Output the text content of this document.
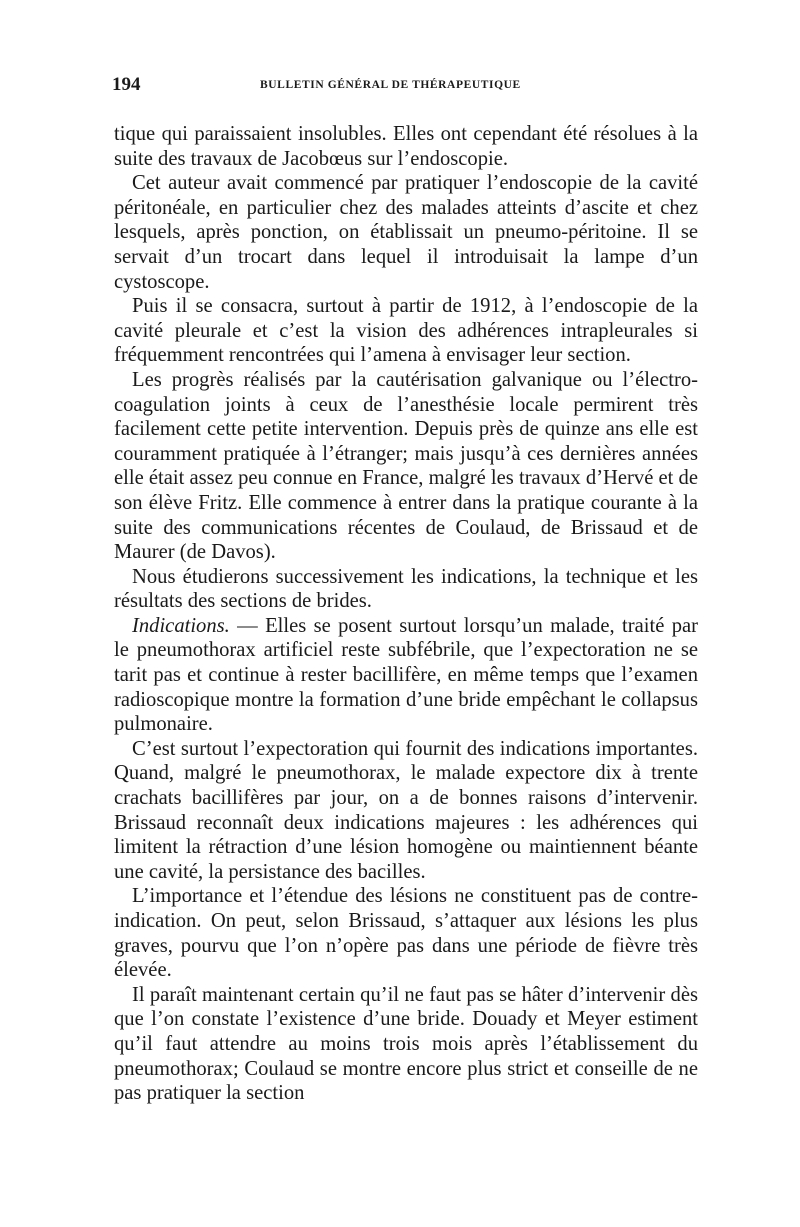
194	BULLETIN GÉNÉRAL DE THÉRAPEUTIQUE

tique qui paraissaient insolubles. Elles ont cependant été résolues à la suite des travaux de Jacobœus sur l’endoscopie.

Cet auteur avait commencé par pratiquer l’endoscopie de la cavité péritonéale, en particulier chez des malades atteints d’ascite et chez lesquels, après ponction, on établissait un pneumo-péritoine. Il se servait d’un trocart dans lequel il introduisait la lampe d’un cystoscope.

Puis il se consacra, surtout à partir de 1912, à l’endoscopie de la cavité pleurale et c’est la vision des adhérences intrapleurales si fréquemment rencontrées qui l’amena à envisager leur section.

Les progrès réalisés par la cautérisation galvanique ou l’électro-coagulation joints à ceux de l’anesthésie locale permirent très facilement cette petite intervention. Depuis près de quinze ans elle est couramment pratiquée à l’étranger; mais jusqu’à ces dernières années elle était assez peu connue en France, malgré les travaux d’Hervé et de son élève Fritz. Elle commence à entrer dans la pratique courante à la suite des communications récentes de Coulaud, de Brissaud et de Maurer (de Davos).

Nous étudierons successivement les indications, la technique et les résultats des sections de brides.

Indications. — Elles se posent surtout lorsqu’un malade, traité par le pneumothorax artificiel reste subfébrile, que l’expectoration ne se tarit pas et continue à rester bacillifère, en même temps que l’examen radioscopique montre la formation d’une bride empêchant le collapsus pulmonaire.

C’est surtout l’expectoration qui fournit des indications importantes. Quand, malgré le pneumothorax, le malade expectore dix à trente crachats bacillifères par jour, on a de bonnes raisons d’intervenir. Brissaud reconnaît deux indications majeures : les adhérences qui limitent la rétraction d’une lésion homogène ou maintiennent béante une cavité, la persistance des bacilles.

L’importance et l’étendue des lésions ne constituent pas de contre-indication. On peut, selon Brissaud, s’attaquer aux lésions les plus graves, pourvu que l’on n’opère pas dans une période de fièvre très élevée.

Il paraît maintenant certain qu’il ne faut pas se hâter d’intervenir dès que l’on constate l’existence d’une bride. Douady et Meyer estiment qu’il faut attendre au moins trois mois après l’établissement du pneumothorax; Coulaud se montre encore plus strict et conseille de ne pas pratiquer la section
